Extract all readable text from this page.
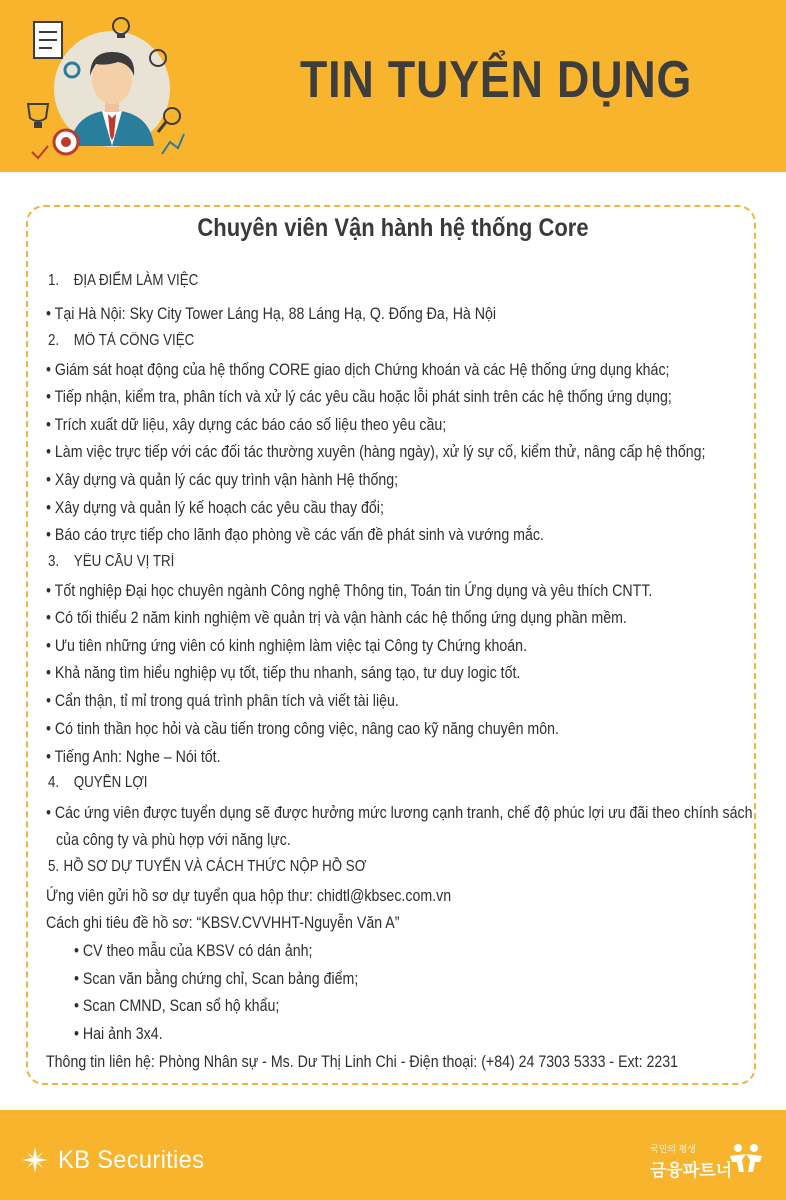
TIN TUYỂN DỤNG
Chuyên viên Vận hành hệ thống Core
1. ĐỊA ĐIỂM LÀM VIỆC
• Tại Hà Nội: Sky City Tower Láng Hạ, 88 Láng Hạ, Q. Đống Đa, Hà Nội
2. MÔ TẢ CÔNG VIỆC
• Giám sát hoạt động của hệ thống CORE giao dịch Chứng khoán và các Hệ thống ứng dụng khác;
• Tiếp nhận, kiểm tra, phân tích và xử lý các yêu cầu hoặc lỗi phát sinh trên các hệ thống ứng dụng;
• Trích xuất dữ liệu, xây dựng các báo cáo số liệu theo yêu cầu;
• Làm việc trực tiếp với các đối tác thường xuyên (hàng ngày), xử lý sự cố, kiểm thử, nâng cấp hệ thống;
• Xây dựng và quản lý các quy trình vận hành Hệ thống;
• Xây dựng và quản lý kế hoạch các yêu cầu thay đổi;
• Báo cáo trực tiếp cho lãnh đạo phòng về các vấn đề phát sinh và vướng mắc.
3. YÊU CẦU VỊ TRÍ
• Tốt nghiệp Đại học chuyên ngành Công nghệ Thông tin, Toán tin Ứng dụng và yêu thích CNTT.
• Có tối thiểu 2 năm kinh nghiệm về quản trị và vận hành các hệ thống ứng dụng phần mềm.
• Ưu tiên những ứng viên có kinh nghiệm làm việc tại Công ty Chứng khoán.
• Khả năng tìm hiểu nghiệp vụ tốt, tiếp thu nhanh, sáng tạo, tư duy logic tốt.
• Cẩn thận, tỉ mỉ trong quá trình phân tích và viết tài liệu.
• Có tinh thần học hỏi và cầu tiến trong công việc, nâng cao kỹ năng chuyên môn.
• Tiếng Anh: Nghe – Nói tốt.
4. QUYỀN LỢI
• Các ứng viên được tuyển dụng sẽ được hưởng mức lương cạnh tranh, chế độ phúc lợi ưu đãi theo chính sách
của công ty và phù hợp với năng lực.
5. HỒ SƠ DỰ TUYỂN VÀ CÁCH THỨC NỘP HỒ SƠ
Ứng viên gửi hồ sơ dự tuyển qua hộp thư: chidtl@kbsec.com.vn
Cách ghi tiêu đề hồ sơ: “KBSV.CVVHHT-Nguyễn Văn A”
• CV theo mẫu của KBSV có dán ảnh;
• Scan văn bằng chứng chỉ, Scan bảng điểm;
• Scan CMND, Scan sổ hộ khẩu;
• Hai ảnh 3x4.
Thông tin liên hệ: Phòng Nhân sự - Ms. Dư Thị Linh Chi - Điện thoại: (+84) 24 7303 5333 - Ext: 2231
KB Securities	국민의 평생
금융파트너
